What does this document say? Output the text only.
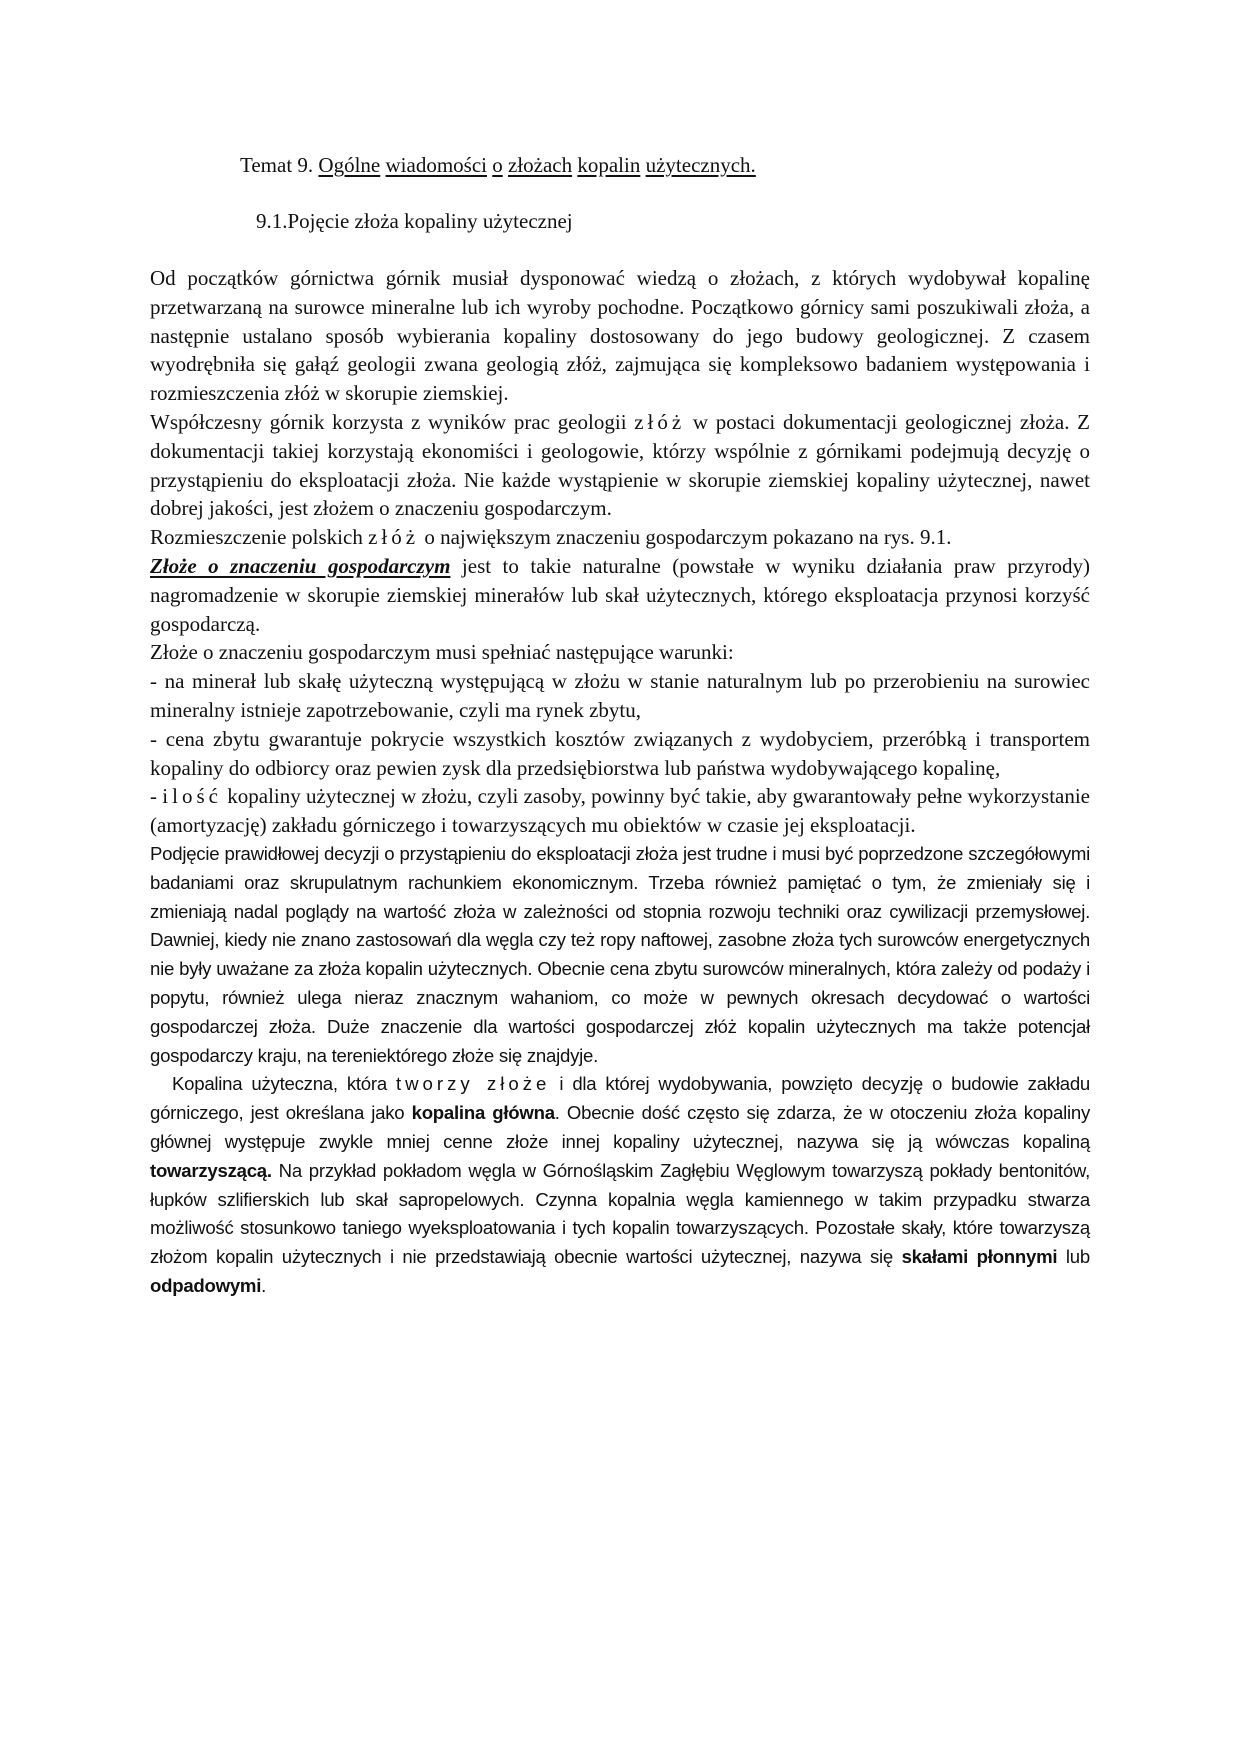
Temat 9. Ogólne wiadomości o złożach kopalin użytecznych.
9.1.Pojęcie złoża kopaliny użytecznej

Od początków górnictwa górnik musiał dysponować wiedzą o złożach, z których wydobywał kopalinę przetwarzaną na surowce mineralne lub ich wyroby pochodne. Początkowo górnicy sami poszukiwali złoża, a następnie ustalano sposób wybierania kopaliny dostosowany do jego budowy geologicznej. Z czasem wyodrębniła się gałąź geologii zwana geologią złóż, zajmująca się kompleksowo badaniem występowania i rozmieszczenia złóż w skorupie ziemskiej.

Współczesny górnik korzysta z wyników prac geologii złóż w postaci dokumentacji geologicznej złoża. Z dokumentacji takiej korzystają ekonomiści i geologowie, którzy wspólnie z górnikami podejmują decyzję o przystąpieniu do eksploatacji złoża. Nie każde wystąpienie w skorupie ziemskiej kopaliny użytecznej, nawet dobrej jakości, jest złożem o znaczeniu gospodarczym.

Rozmieszczenie polskich złóż o największym znaczeniu gospodarczym pokazano na rys. 9.1.

Złoże o znaczeniu gospodarczym jest to takie naturalne (powstałe w wyniku działania praw przyrody) nagromadzenie w skorupie ziemskiej minerałów lub skał użytecznych, którego eksploatacja przynosi korzyść gospodarczą.

Złoże o znaczeniu gospodarczym musi spełniać następujące warunki:

- na minerał lub skałę użyteczną występującą w złożu w stanie naturalnym lub po przerobieniu na surowiec mineralny istnieje zapotrzebowanie, czyli ma rynek zbytu,

- cena zbytu gwarantuje pokrycie wszystkich kosztów związanych z wydobyciem, przeróbką i transportem kopaliny do odbiorcy oraz pewien zysk dla przedsiębiorstwa lub państwa wydobywającego kopalinę,

- ilość kopaliny użytecznej w złożu, czyli zasoby, powinny być takie, aby gwarantowały pełne wykorzystanie (amortyzację) zakładu górniczego i towarzyszących mu obiektów w czasie jej eksploatacji.

Podjęcie prawidłowej decyzji o przystąpieniu do eksploatacji złoża jest trudne i musi być poprzedzone szczegółowymi badaniami oraz skrupulatnym rachunkiem ekonomicznym. Trzeba również pamiętać o tym, że zmieniały się i zmieniają nadal poglądy na wartość złoża w zależności od stopnia rozwoju techniki oraz cywilizacji przemysłowej. Dawniej, kiedy nie znano zastosowań dla węgla czy też ropy naftowej, zasobne złoża tych surowców energetycznych nie były uważane za złoża kopalin użytecznych. Obecnie cena zbytu surowców mineralnych, która zależy od podaży i popytu, również ulega nieraz znacznym wahaniom, co może w pewnych okresach decydować o wartości gospodarczej złoża. Duże znaczenie dla wartości gospodarczej złóż kopalin użytecznych ma także potencjał gospodarczy kraju, na tereniektórego złoże się znajdyje.

Kopalina użyteczna, która tworzy złoże i dla której wydobywania, powzięto decyzję o budowie zakładu górniczego, jest określana jako kopalina główna. Obecnie dość często się zdarza, że w otoczeniu złoża kopaliny głównej występuje zwykle mniej cenne złoże innej kopaliny użytecznej, nazywa się ją wówczas kopaliną towarzyszącą. Na przykład pokładom węgla w Górnośląskim Zagłębiu Węglowym towarzyszą pokłady bentonitów, łupków szlifierskich lub skał sapropelowych. Czynna kopalnia węgla kamiennego w takim przypadku stwarza możliwość stosunkowo taniego wyeksploatowania i tych kopalin towarzyszących. Pozostałe skały, które towarzyszą złożom kopalin użytecznych i nie przedstawiają obecnie wartości użytecznej, nazywa się skałami płonnymi lub odpadowymi.
